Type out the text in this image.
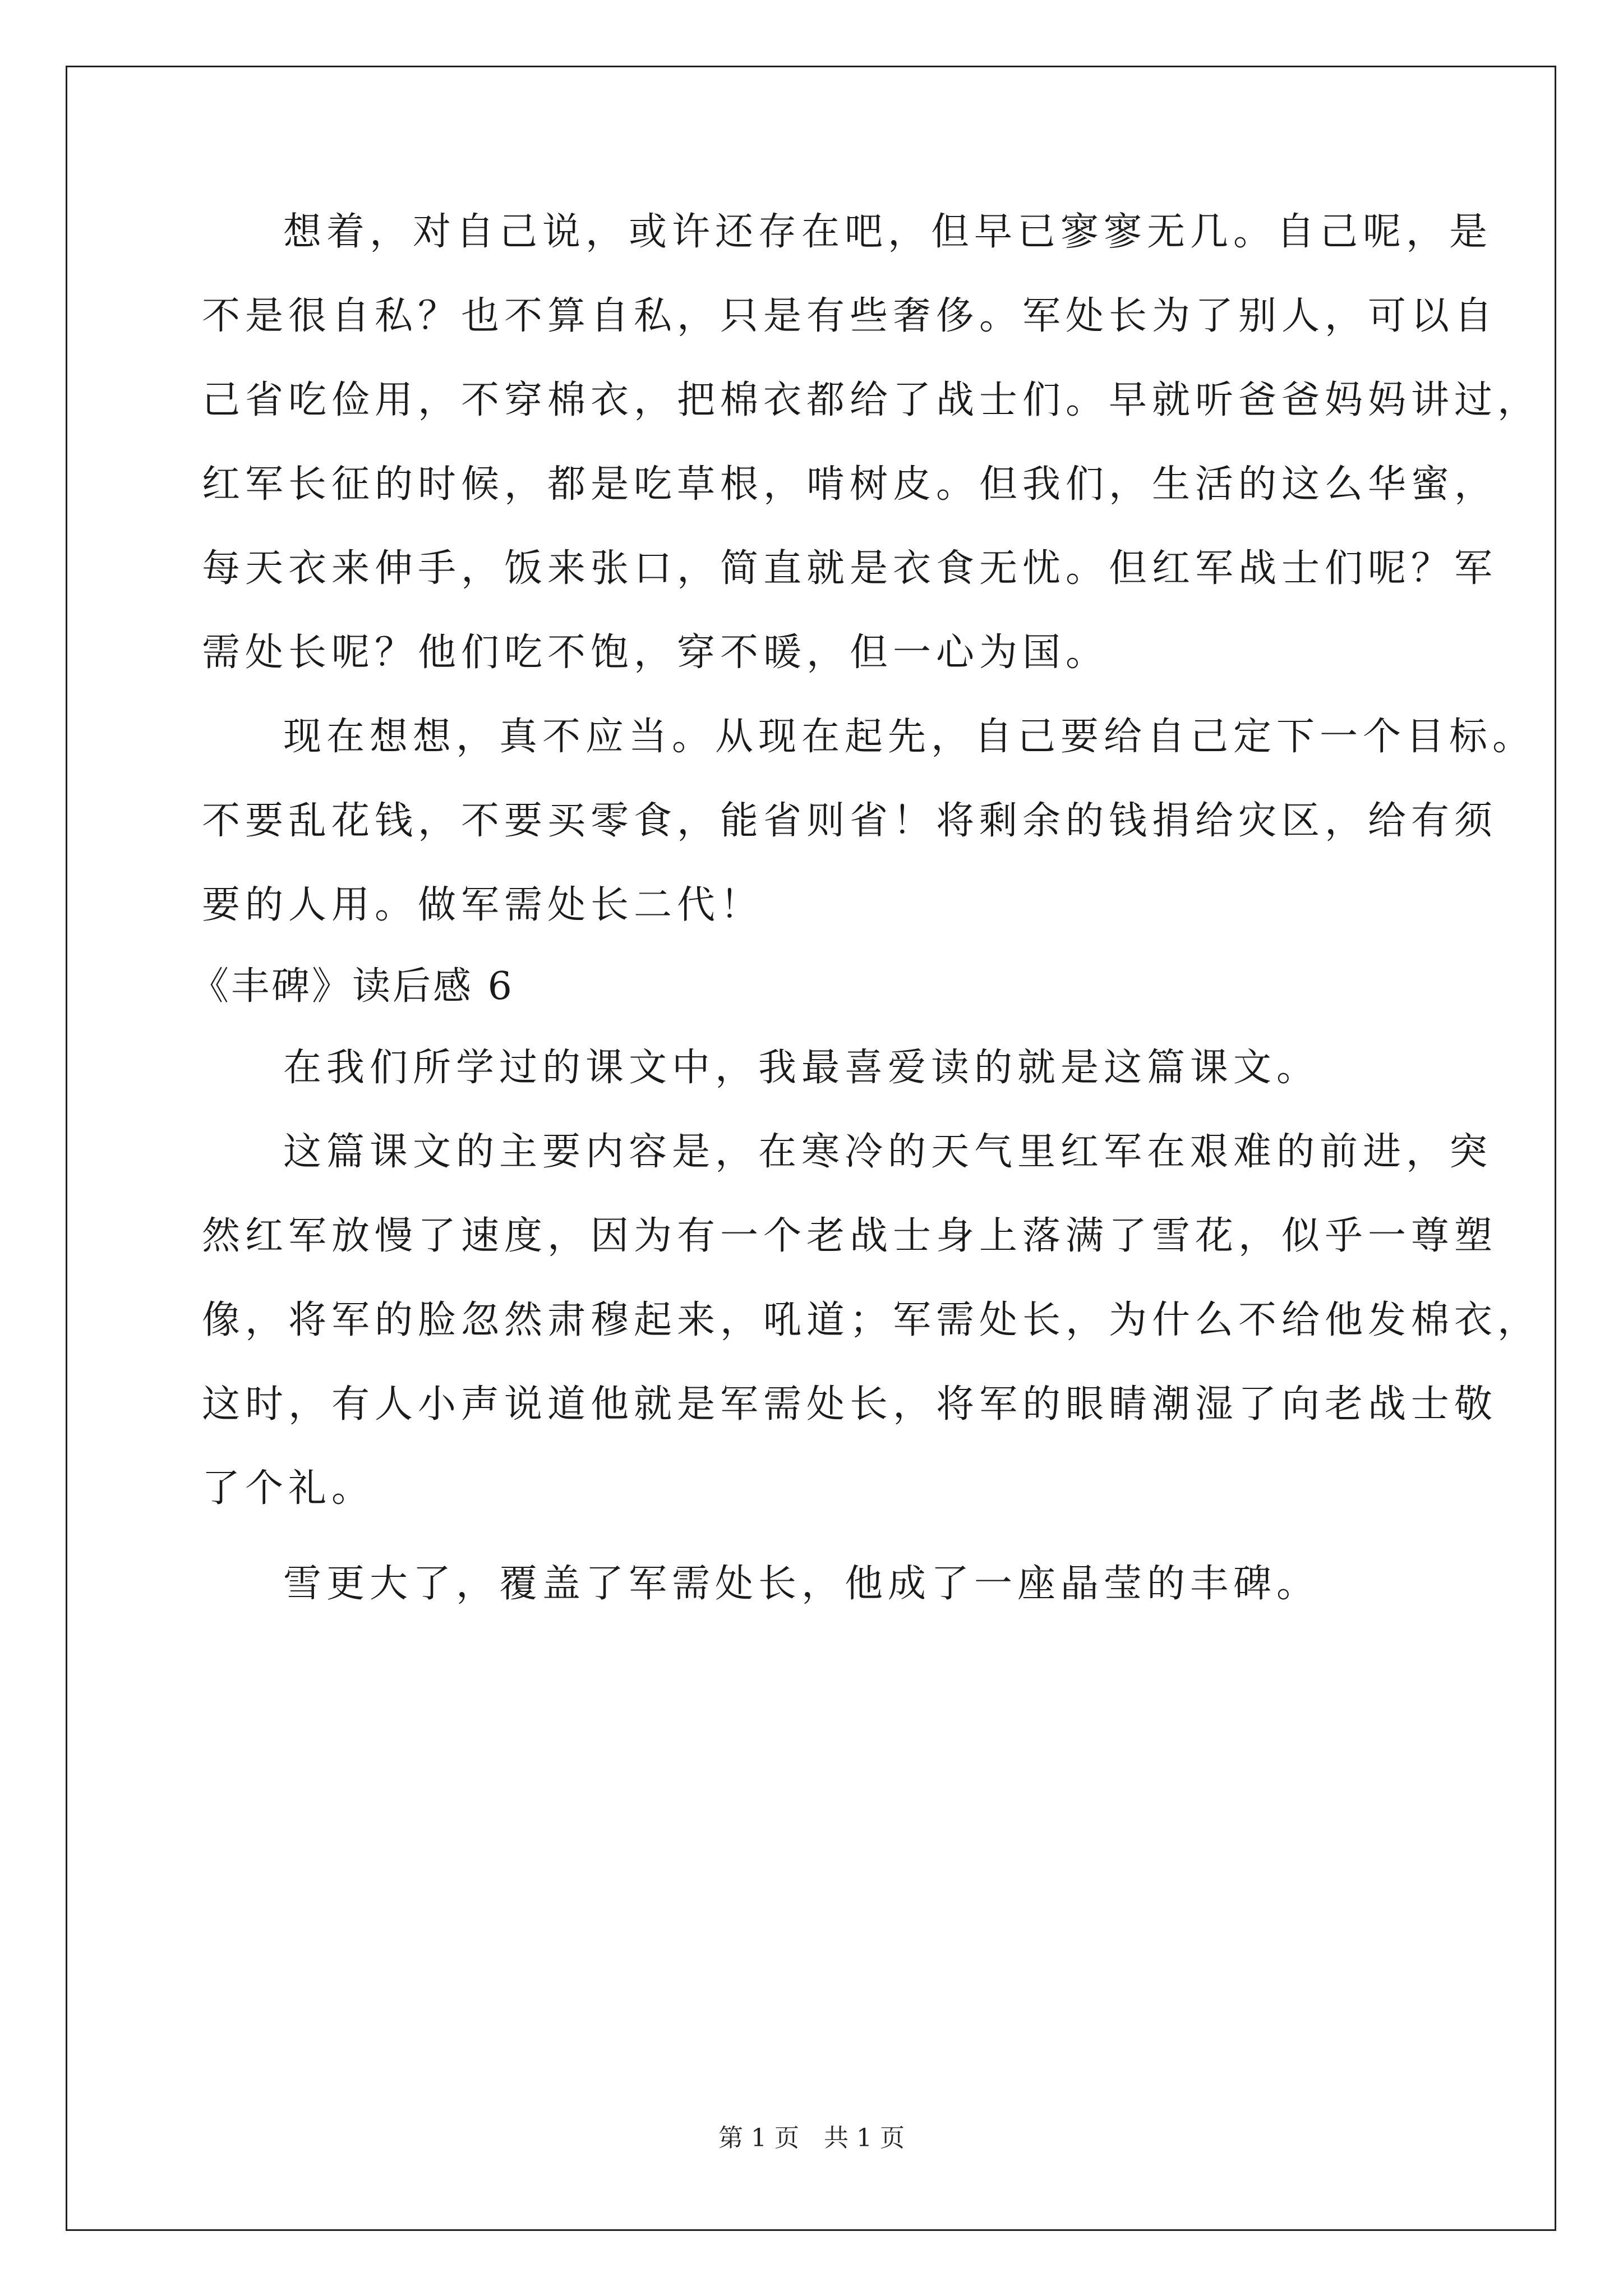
想着，对自己说，或许还存在吧，但早已寥寥无几。自己呢，是
不是很自私？也不算自私，只是有些奢侈。军处长为了别人，可以自
己省吃俭用，不穿棉衣，把棉衣都给了战士们。早就听爸爸妈妈讲过，
红军长征的时候，都是吃草根，啃树皮。但我们，生活的这么华蜜，
每天衣来伸手，饭来张口，简直就是衣食无忧。但红军战士们呢？军
需处长呢？他们吃不饱，穿不暖，但一心为国。
现在想想，真不应当。从现在起先，自己要给自己定下一个目标。
不要乱花钱，不要买零食，能省则省！将剩余的钱捐给灾区，给有须
要的人用。做军需处长二代！
《丰碑》读后感 6
在我们所学过的课文中，我最喜爱读的就是这篇课文。
这篇课文的主要内容是，在寒冷的天气里红军在艰难的前进，突
然红军放慢了速度，因为有一个老战士身上落满了雪花，似乎一尊塑
像，将军的脸忽然肃穆起来，吼道；军需处长，为什么不给他发棉衣，
这时，有人小声说道他就是军需处长，将军的眼睛潮湿了向老战士敬
了个礼。
雪更大了，覆盖了军需处长，他成了一座晶莹的丰碑。
第 1 页　共 1 页
